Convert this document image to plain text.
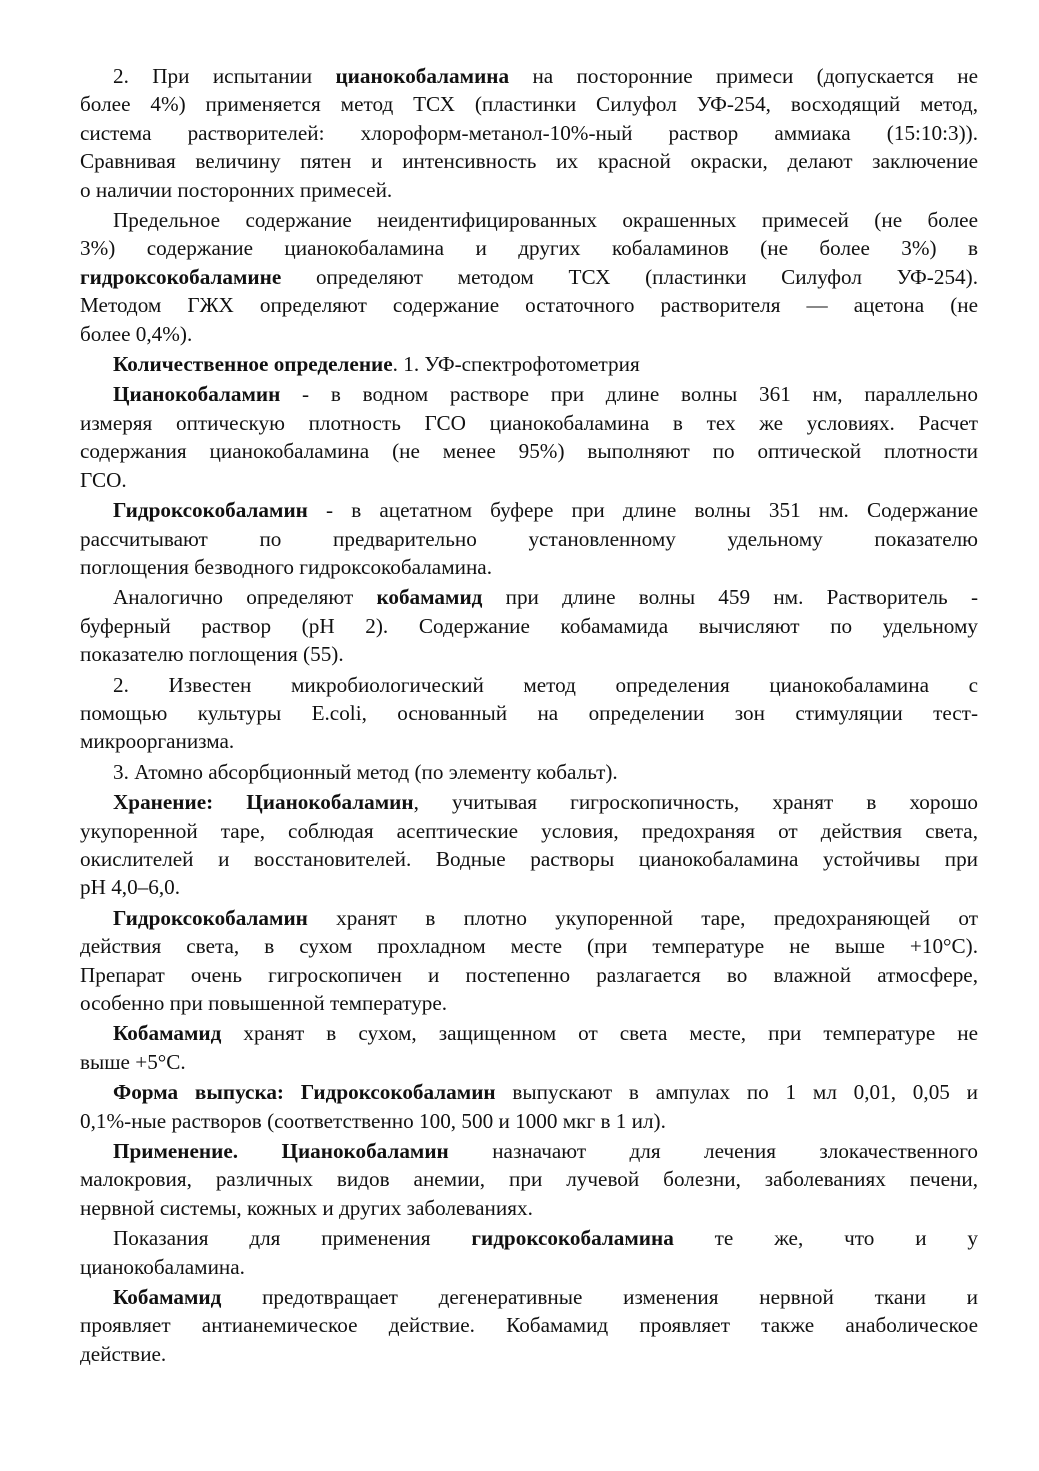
2. При испытании цианокобаламина на посторонние примеси (допускается не
более 4%) применяется метод ТСХ (пластинки Силуфол УФ-254, восходящий метод,
система растворителей: хлороформ-метанол-10%-ный раствор аммиака (15:10:3)).
Сравнивая величину пятен и интенсивность их красной окраски, делают заключение
о наличии посторонних примесей.
Предельное содержание неидентифицированных окрашенных примесей (не более
3%) содержание цианокобаламина и других кобаламинов (не более 3%) в
гидроксокобаламине определяют методом ТСХ (пластинки Силуфол УФ-254).
Методом ГЖХ определяют содержание остаточного растворителя — ацетона (не
более 0,4%).
Количественное определение. 1. УФ-спектрофотометрия
Цианокобаламин - в водном растворе при длине волны 361 нм, параллельно
измеряя оптическую плотность ГСО цианокобаламина в тех же условиях. Расчет
содержания цианокобаламина (не менее 95%) выполняют по оптической плотности
ГСО.
Гидроксокобаламин - в ацетатном буфере при длине волны 351 нм. Содержание
рассчитывают по предварительно установленному удельному показателю
поглощения безводного гидроксокобаламина.
Аналогично определяют кобамамид при длине волны 459 нм. Растворитель -
буферный раствор (рН 2). Содержание кобамамида вычисляют по удельному
показателю поглощения (55).
2. Известен микробиологический метод определения цианокобаламина с
помощью культуры E.coli, основанный на определении зон стимуляции тест-
микроорганизма.
3. Атомно абсорбционный метод (по элементу кобальт).
Хранение: Цианокобаламин, учитывая гигроскопичность, хранят в хорошо
укупоренной таре, соблюдая асептические условия, предохраняя от действия света,
окислителей и восстановителей. Водные растворы цианокобаламина устойчивы при
рН 4,0–6,0.
Гидроксокобаламин хранят в плотно укупоренной таре, предохраняющей от
действия света, в сухом прохладном месте (при температуре не выше +10°С).
Препарат очень гигроскопичен и постепенно разлагается во влажной атмосфере,
особенно при повышенной температуре.
Кобамамид хранят в сухом, защищенном от света месте, при температуре не
выше +5°С.
Форма выпуска: Гидроксокобаламин выпускают в ампулах по 1 мл 0,01, 0,05 и
0,1%-ные растворов (соответственно 100, 500 и 1000 мкг в 1 ил).
Применение. Цианокобаламин назначают для лечения злокачественного
малокровия, различных видов анемии, при лучевой болезни, заболеваниях печени,
нервной системы, кожных и других заболеваниях.
Показания для применения гидроксокобаламина те же, что и у
цианокобаламина.
Кобамамид предотвращает дегенеративные изменения нервной ткани и
проявляет антианемическое действие. Кобамамид проявляет также анаболическое
действие.
